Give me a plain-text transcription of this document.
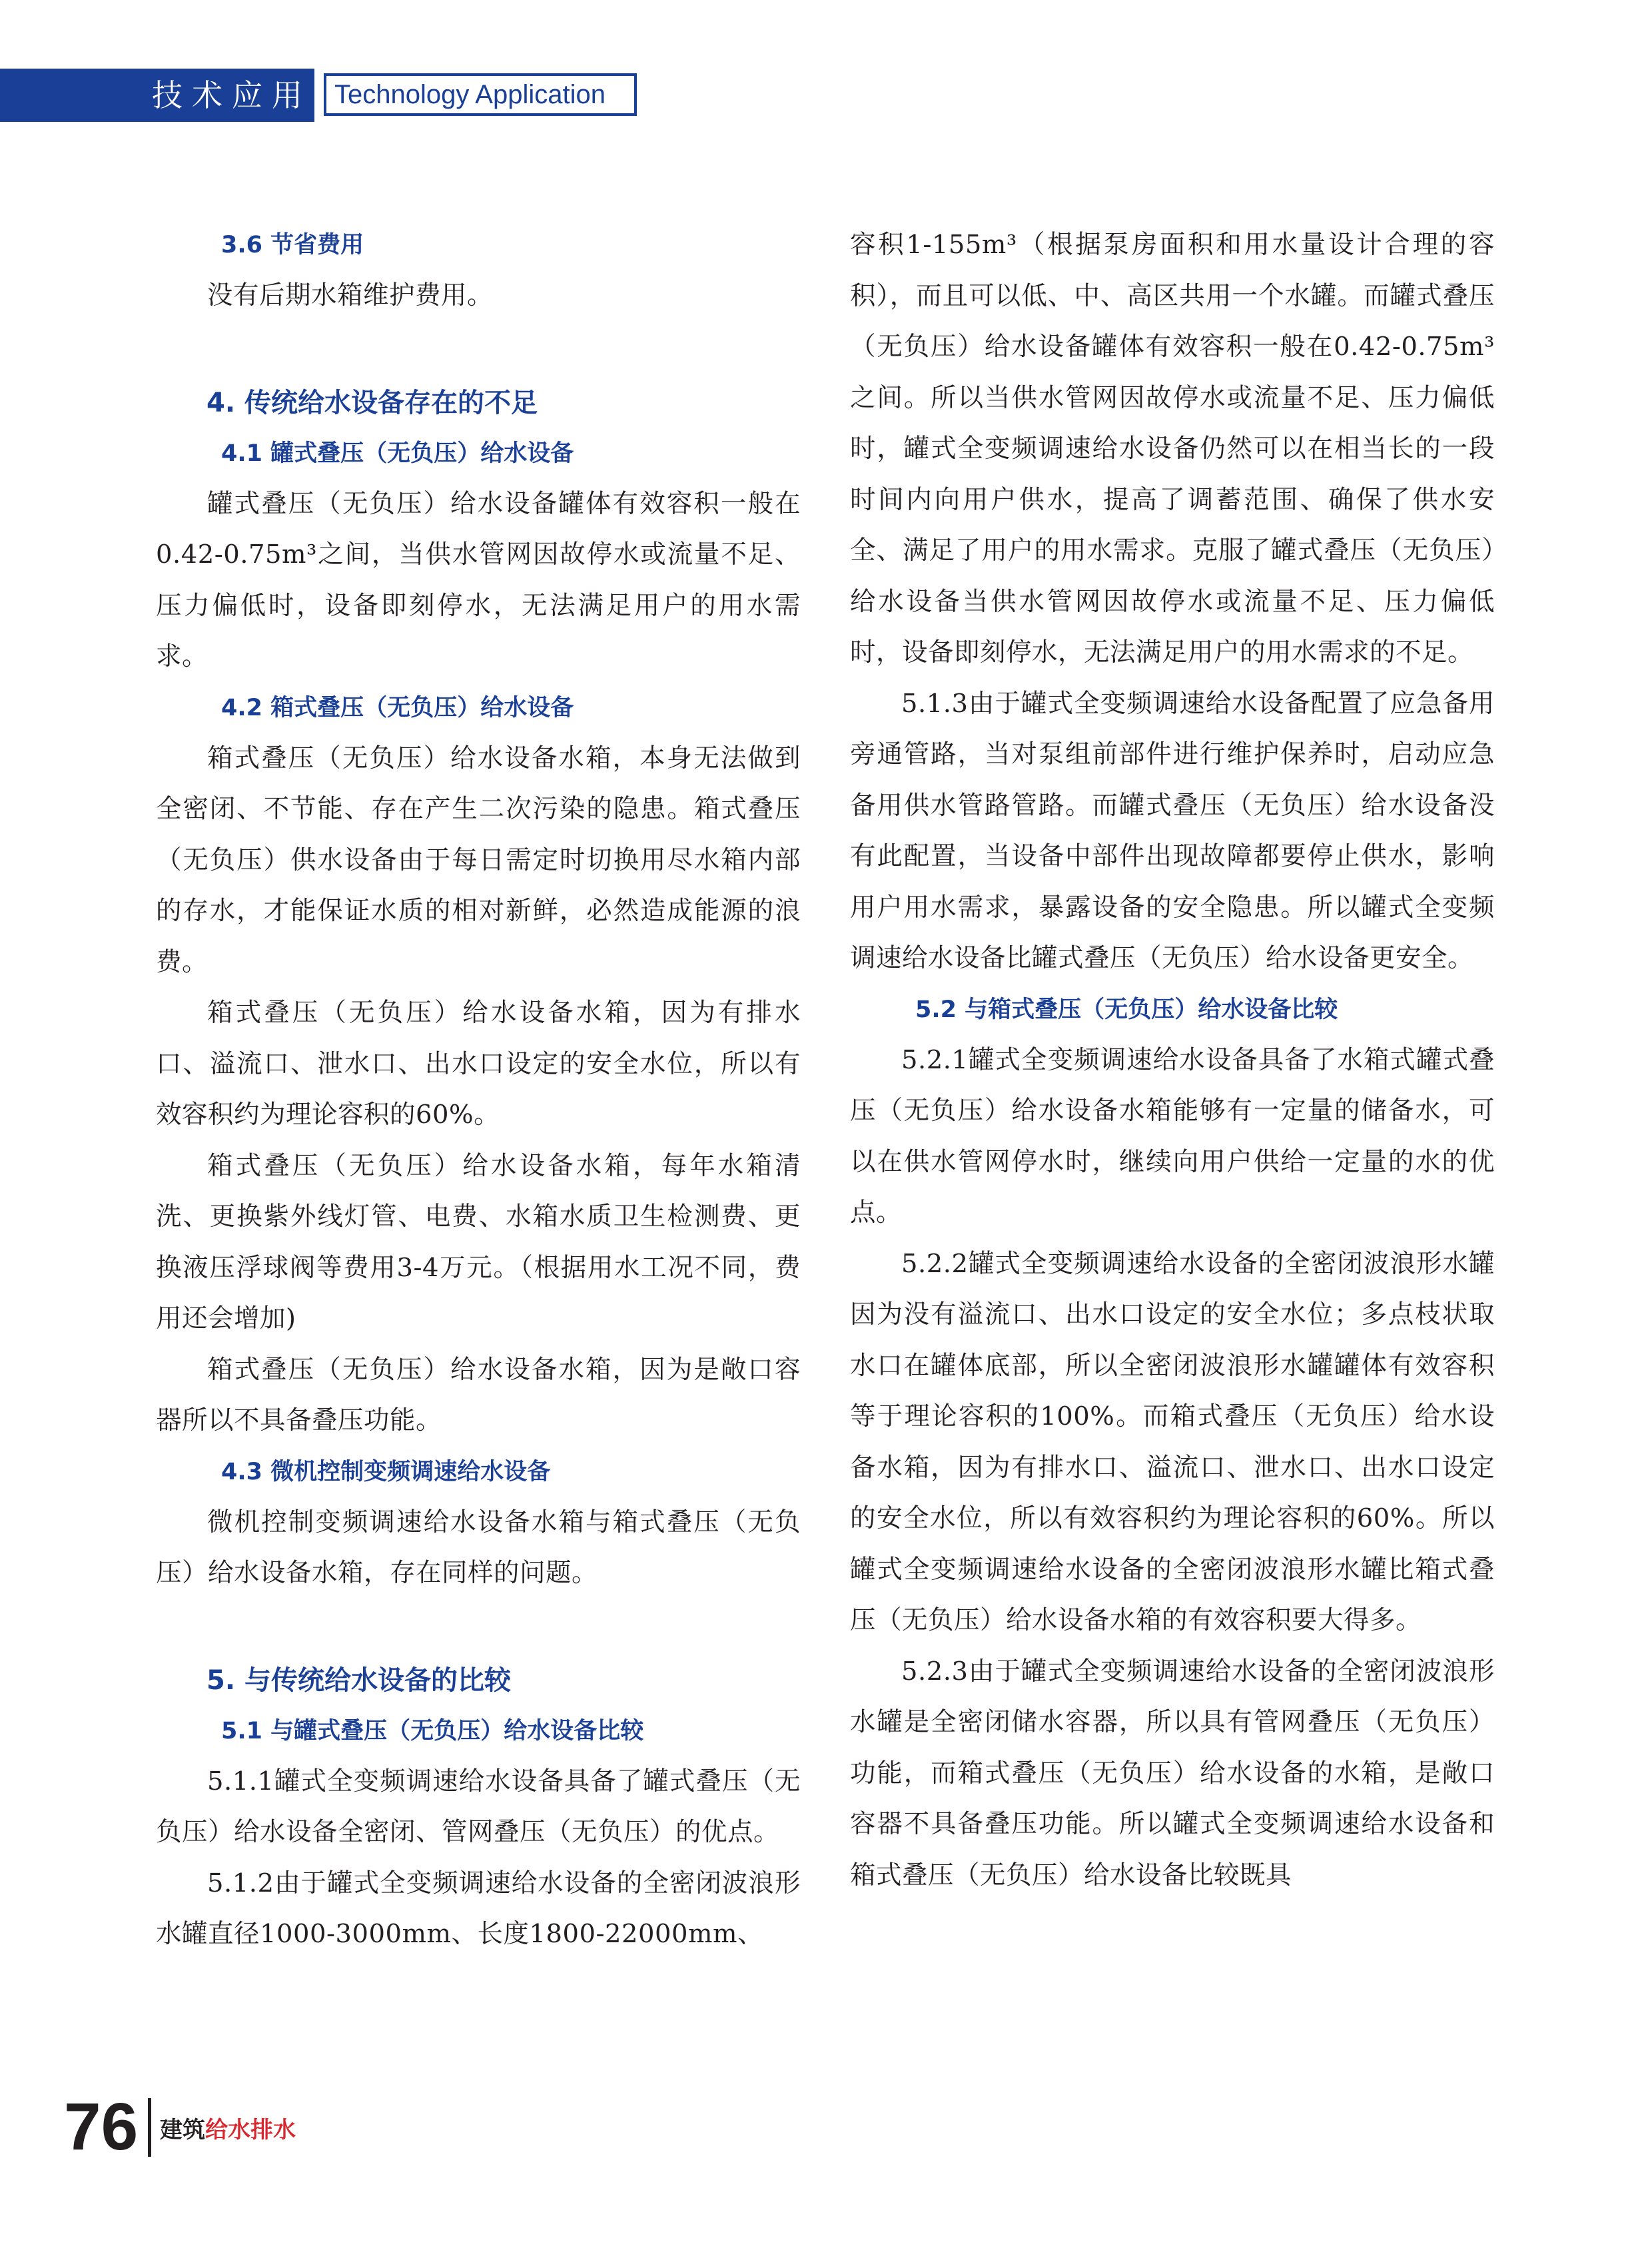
技术应用 Technology Application
3.6 节省费用

没有后期水箱维护费用。

4. 传统给水设备存在的不足
4.1 罐式叠压（无负压）给水设备

罐式叠压（无负压）给水设备罐体有效容积一般在0.42-0.75m³之间，当供水管网因故停水或流量不足、压力偏低时，设备即刻停水，无法满足用户的用水需求。

4.2 箱式叠压（无负压）给水设备

箱式叠压（无负压）给水设备水箱，本身无法做到全密闭、不节能、存在产生二次污染的隐患。箱式叠压（无负压）供水设备由于每日需定时切换用尽水箱内部的存水，才能保证水质的相对新鲜，必然造成能源的浪费。

箱式叠压（无负压）给水设备水箱，因为有排水口、溢流口、泄水口、出水口设定的安全水位，所以有效容积约为理论容积的60%。

箱式叠压（无负压）给水设备水箱，每年水箱清洗、更换紫外线灯管、电费、水箱水质卫生检测费、更换液压浮球阀等费用3-4万元。（根据用水工况不同，费用还会增加)

箱式叠压（无负压）给水设备水箱，因为是敞口容器所以不具备叠压功能。

4.3 微机控制变频调速给水设备

微机控制变频调速给水设备水箱与箱式叠压（无负压）给水设备水箱，存在同样的问题。

5. 与传统给水设备的比较
5.1 与罐式叠压（无负压）给水设备比较

5.1.1罐式全变频调速给水设备具备了罐式叠压（无负压）给水设备全密闭、管网叠压（无负压）的优点。

5.1.2由于罐式全变频调速给水设备的全密闭波浪形水罐直径1000-3000mm、长度1800-22000mm、

容积1-155m³（根据泵房面积和用水量设计合理的容积），而且可以低、中、高区共用一个水罐。而罐式叠压（无负压）给水设备罐体有效容积一般在0.42-0.75m³之间。所以当供水管网因故停水或流量不足、压力偏低时，罐式全变频调速给水设备仍然可以在相当长的一段时间内向用户供水，提高了调蓄范围、确保了供水安全、满足了用户的用水需求。克服了罐式叠压（无负压）给水设备当供水管网因故停水或流量不足、压力偏低时，设备即刻停水，无法满足用户的用水需求的不足。

5.1.3由于罐式全变频调速给水设备配置了应急备用旁通管路，当对泵组前部件进行维护保养时，启动应急备用供水管路管路。而罐式叠压（无负压）给水设备没有此配置，当设备中部件出现故障都要停止供水，影响用户用水需求，暴露设备的安全隐患。所以罐式全变频调速给水设备比罐式叠压（无负压）给水设备更安全。

5.2 与箱式叠压（无负压）给水设备比较

5.2.1罐式全变频调速给水设备具备了水箱式罐式叠压（无负压）给水设备水箱能够有一定量的储备水，可以在供水管网停水时，继续向用户供给一定量的水的优点。

5.2.2罐式全变频调速给水设备的全密闭波浪形水罐因为没有溢流口、出水口设定的安全水位；多点枝状取水口在罐体底部，所以全密闭波浪形水罐罐体有效容积等于理论容积的100%。而箱式叠压（无负压）给水设备水箱，因为有排水口、溢流口、泄水口、出水口设定的安全水位，所以有效容积约为理论容积的60%。所以罐式全变频调速给水设备的全密闭波浪形水罐比箱式叠压（无负压）给水设备水箱的有效容积要大得多。

5.2.3由于罐式全变频调速给水设备的全密闭波浪形水罐是全密闭储水容器，所以具有管网叠压（无负压）功能，而箱式叠压（无负压）给水设备的水箱，是敞口容器不具备叠压功能。所以罐式全变频调速给水设备和箱式叠压（无负压）给水设备比较既具

76 建筑给水排水
